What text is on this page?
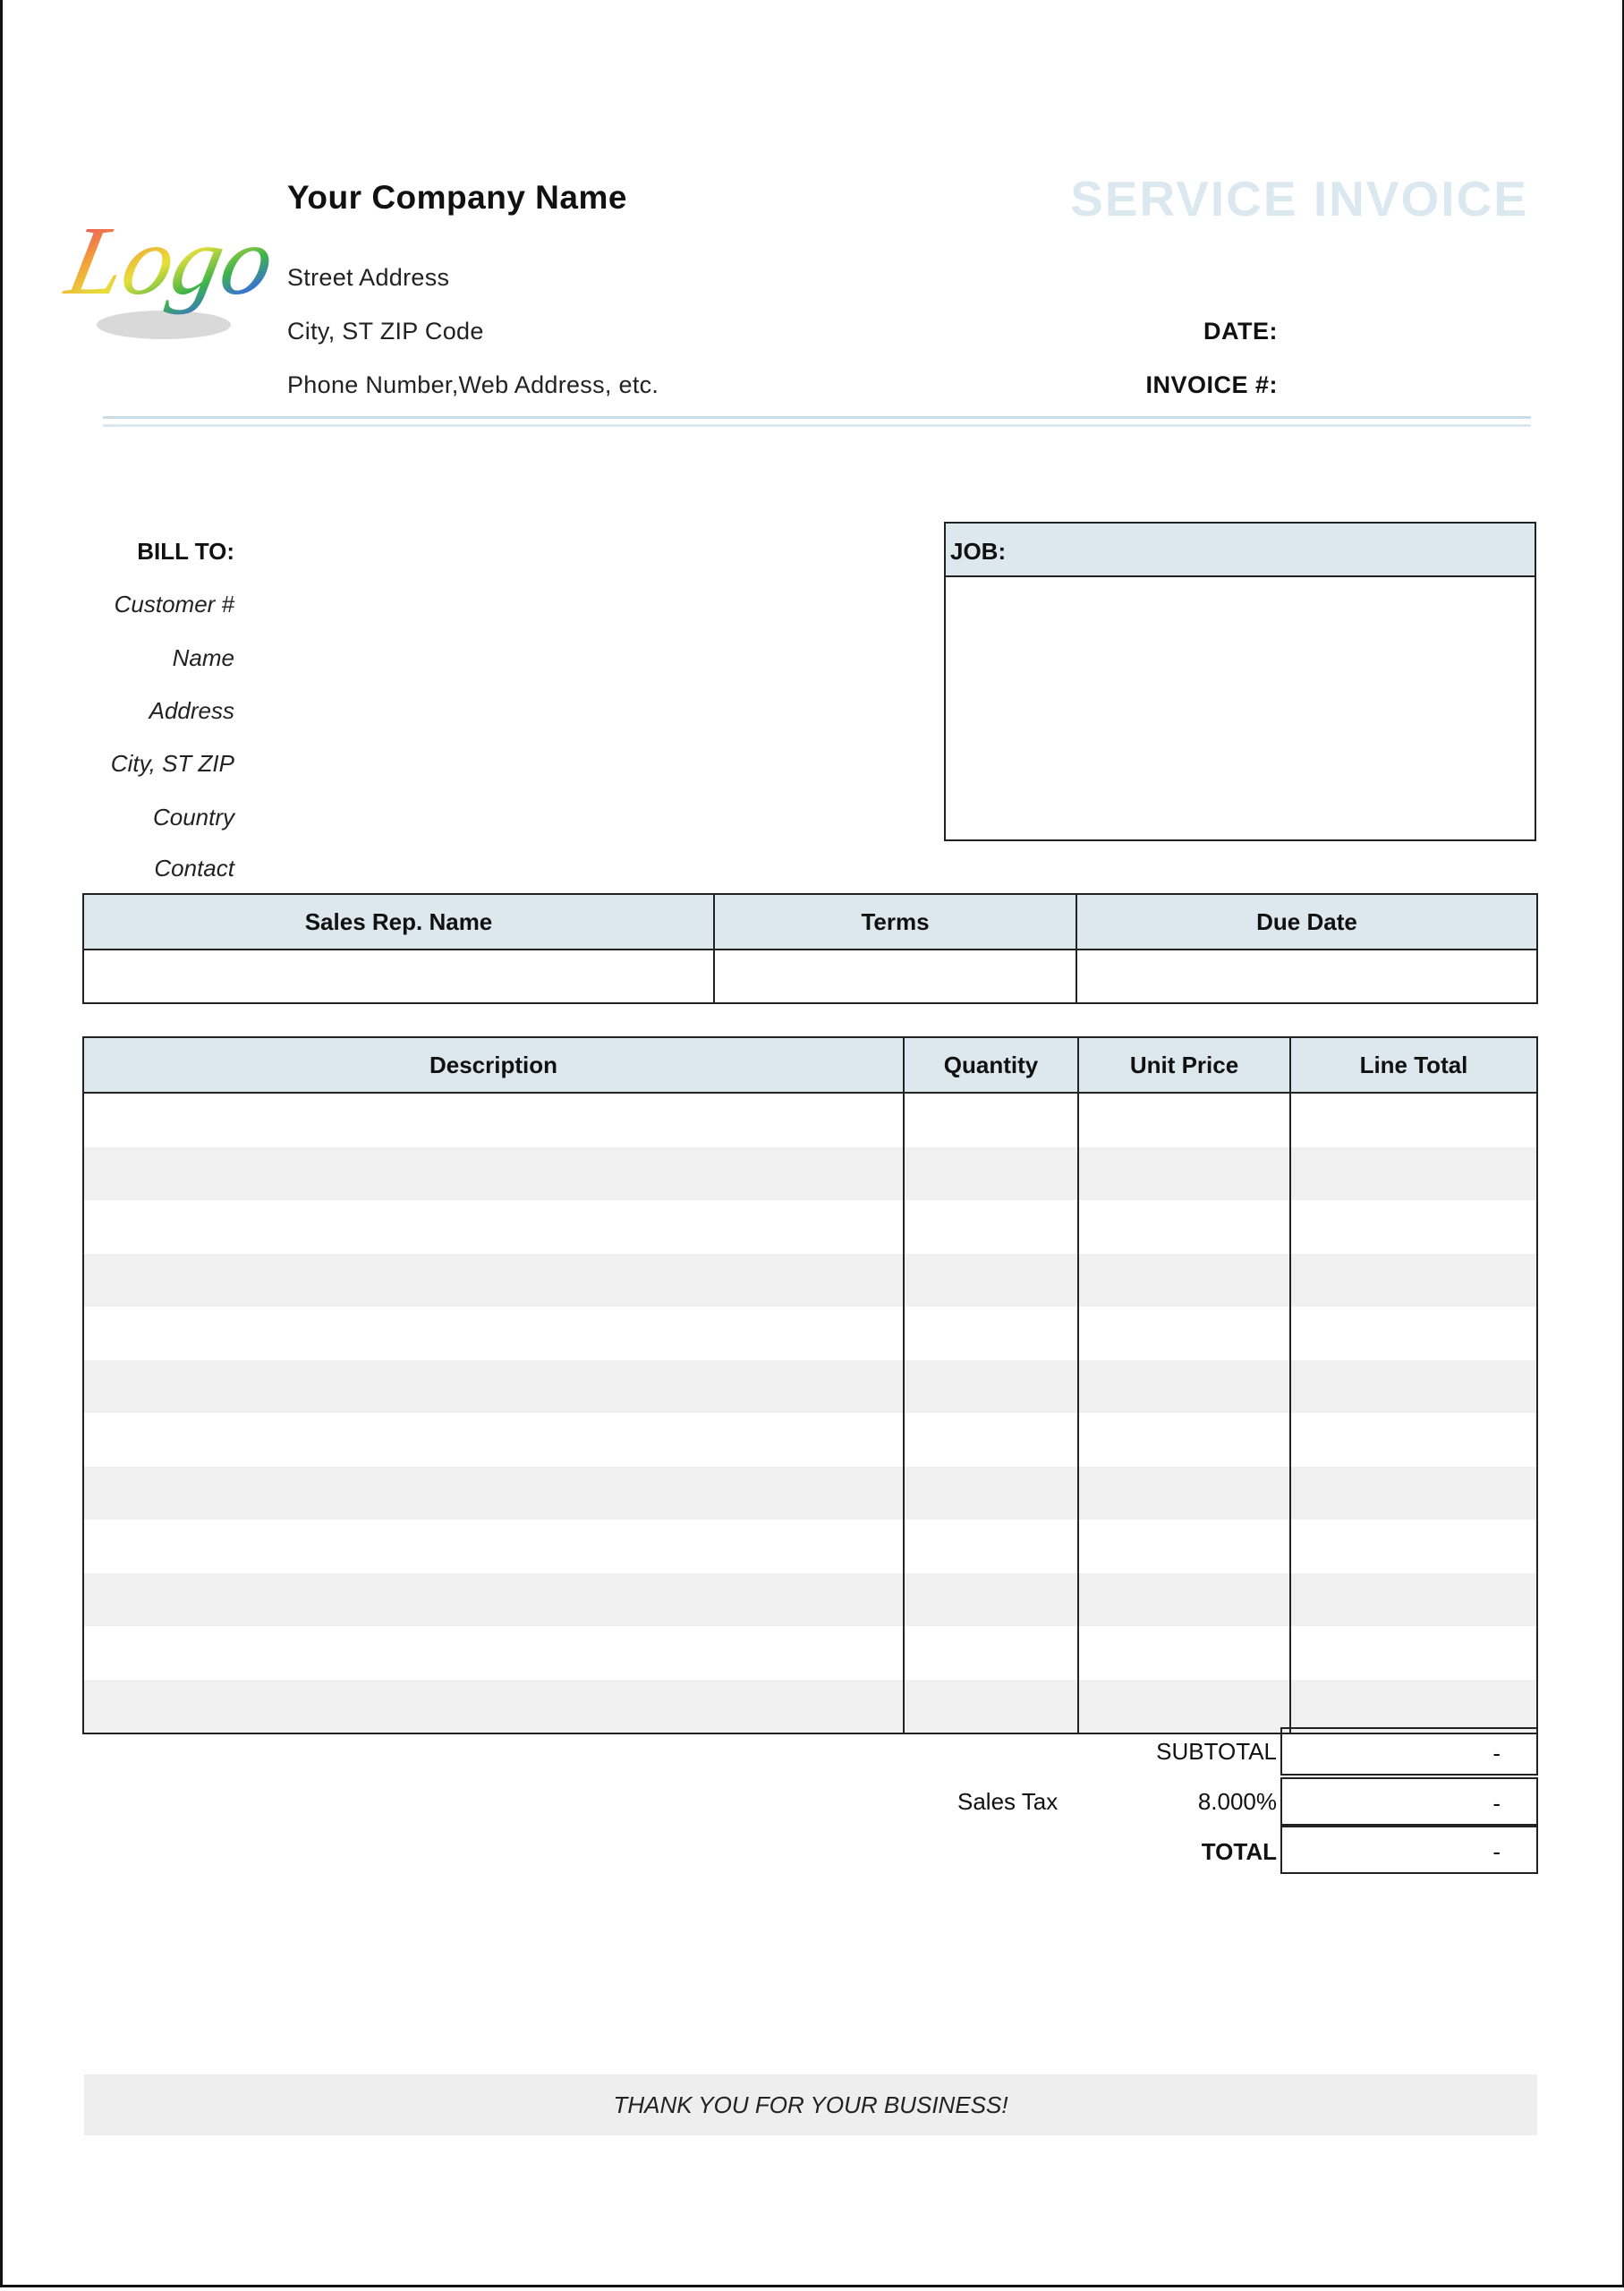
Logo
Your Company Name
Street Address
City, ST ZIP Code
Phone Number,Web Address, etc.
SERVICE INVOICE
DATE:
INVOICE #:
BILL TO:
Customer #
Name
Address
City, ST ZIP
Country
Contact
JOB:
Sales Rep. Name	Terms	Due Date

Description	Quantity	Unit Price	Line Total

SUBTOTAL	-
Sales Tax	8.000%	-
TOTAL	-
THANK YOU FOR YOUR BUSINESS!
